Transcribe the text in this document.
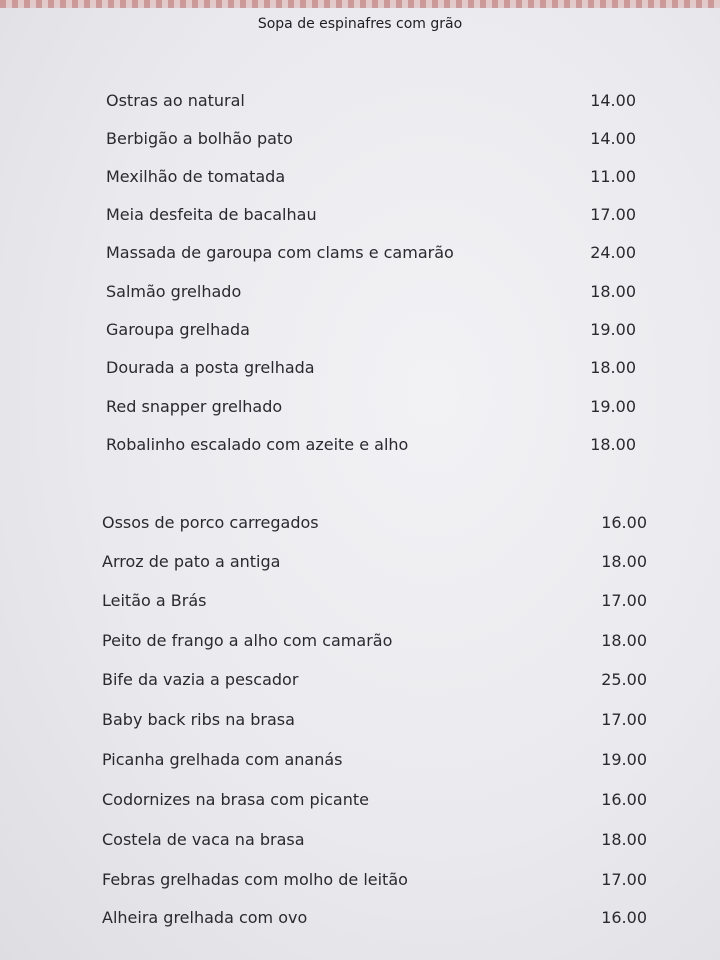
Sopa de espinafres com grão
Ostras ao natural	14.00
Berbigão a bolhão pato	14.00
Mexilhão de tomatada	11.00
Meia desfeita de bacalhau	17.00
Massada de garoupa com clams e camarão	24.00
Salmão grelhado	18.00
Garoupa grelhada	19.00
Dourada a posta grelhada	18.00
Red snapper grelhado	19.00
Robalinho escalado com azeite e alho	18.00
Ossos de porco carregados	16.00
Arroz de pato a antiga	18.00
Leitão a Brás	17.00
Peito de frango a alho com camarão	18.00
Bife da vazia a pescador	25.00
Baby back ribs na brasa	17.00
Picanha grelhada com ananás	19.00
Codornizes na brasa com picante	16.00
Costela de vaca na brasa	18.00
Febras grelhadas com molho de leitão	17.00
Alheira grelhada com ovo	16.00
